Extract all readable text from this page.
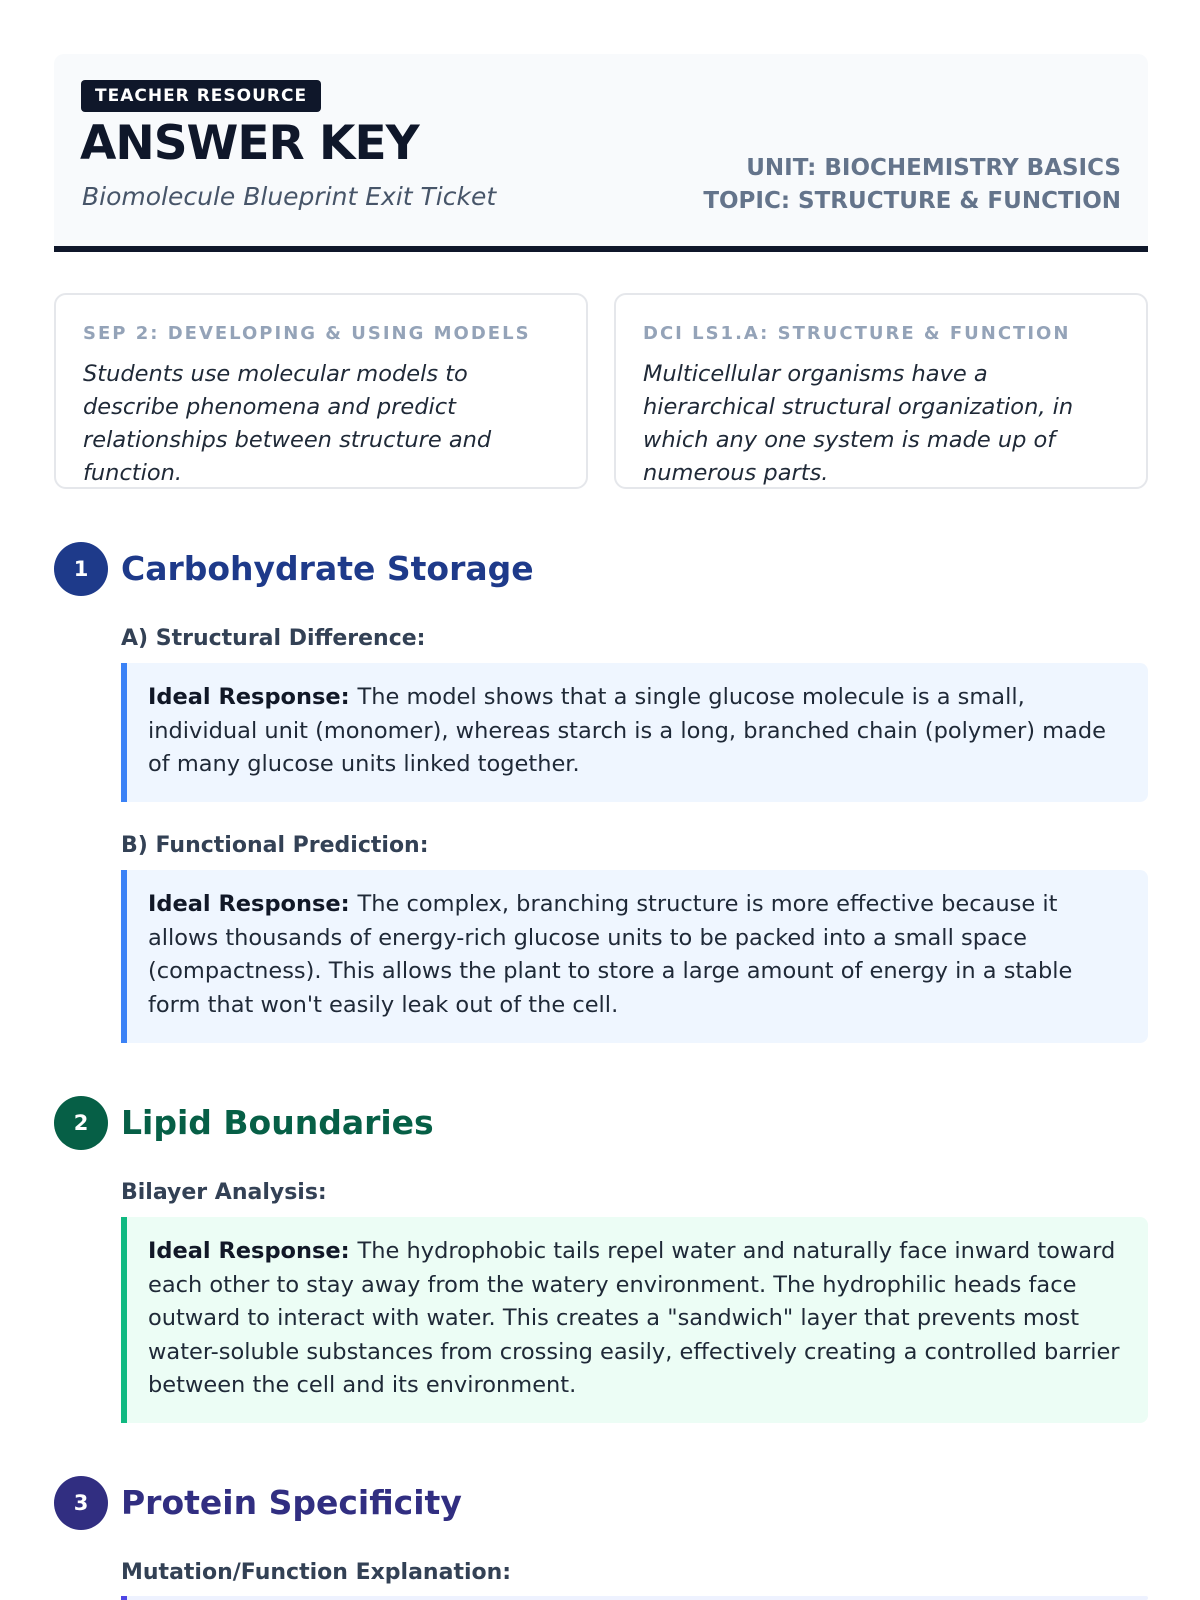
TEACHER RESOURCE
ANSWER KEY
Biomolecule Blueprint Exit Ticket
UNIT: BIOCHEMISTRY BASICS
TOPIC: STRUCTURE & FUNCTION
SEP 2: DEVELOPING & USING MODELS
Students use molecular models to describe phenomena and predict relationships between structure and function.
DCI LS1.A: STRUCTURE & FUNCTION
Multicellular organisms have a hierarchical structural organization, in which any one system is made up of numerous parts.
1 Carbohydrate Storage
A) Structural Difference:
Ideal Response: The model shows that a single glucose molecule is a small, individual unit (monomer), whereas starch is a long, branched chain (polymer) made of many glucose units linked together.
B) Functional Prediction:
Ideal Response: The complex, branching structure is more effective because it allows thousands of energy-rich glucose units to be packed into a small space (compactness). This allows the plant to store a large amount of energy in a stable form that won't easily leak out of the cell.
2 Lipid Boundaries
Bilayer Analysis:
Ideal Response: The hydrophobic tails repel water and naturally face inward toward each other to stay away from the watery environment. The hydrophilic heads face outward to interact with water. This creates a "sandwich" layer that prevents most water-soluble substances from crossing easily, effectively creating a controlled barrier between the cell and its environment.
3 Protein Specificity
Mutation/Function Explanation:
